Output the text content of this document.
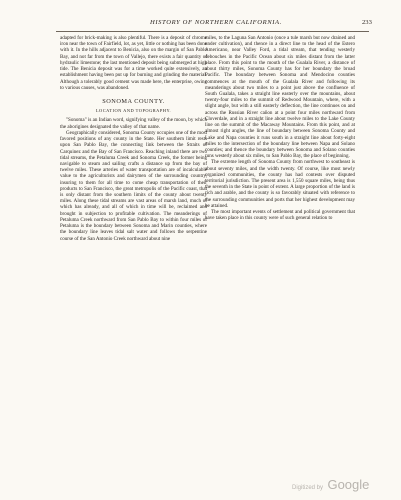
HISTORY OF NORTHERN CALIFORNIA.	233

adapted for brick-making is also plentiful. There is a deposit of chrome iron near the town of Fairfield, lot, as yet, little or nothing has been done with it. In the hills adjacent to Benicia, also on the margin of San Pablo Bay, and not far from the town of Vallejo, there exists a fair quantity of hydraulic limestone; the last mentioned deposit being submerged at high tide. The Benicia deposit was for a time worked quite extensively, an establishment having been put up for burning and grinding the material. Although a tolerably good cement was made here, the enterprise, owing to various causes, was abandoned.

SONOMA COUNTY.
LOCATION AND TOPOGRAPHY.

"Sonoma" is an Indian word, signifying valley of the moon, by which the aborigines designated the valley of that name.

Geographically considered, Sonoma County occupies one of the most favored positions of any county in the State. Her southern limit rests upon San Pablo Bay, the connecting link between the Straits of Carquinez and the Bay of San Francisco. Reaching inland there are two tidal streams, the Petaluma Creek and Sonoma Creek, the former being navigable to steam and sailing crafts a distance up from the bay of twelve miles. These arteries of water transportation are of incalculable value to the agriculturists and dairymen of the surrounding country, insuring to them for all time to come cheap transportation of their products to San Francisco, the great metropolis of the Pacific coast, that is only distant from the southern limits of the county about twenty miles. Along these tidal streams are vast areas of marsh land, much of which has already, and all of which in time will be, reclaimed and brought in subjection to profitable cultivation. The meanderings of Petaluma Creek northward from San Pablo Bay to within four miles of Petaluma is the boundary between Sonoma and Marin counties, where the boundary line leaves tidal salt water and follows the serpentine course of the San Antonio Creek northward about nine

miles, to the Laguna San Antonio (once a tule marsh but now drained and under cultivation), and thence in a direct line to the head of the Estero Americano, near Valley Ford, a tidal stream, that tending westerly debouches in the Pacific Ocean about six miles distant from the latter place. From this point to the mouth of the Gualala River, a distance of about thirty miles, Sonoma County has for her boundary the broad Pacific. The boundary between Sonoma and Mendocino counties commences at the mouth of the Gualala River and following its meanderings about two miles to a point just above the confluence of South Gualala, takes a straight line easterly over the mountains, about twenty-four miles to the summit of Redwood Mountain, where, with a slight angle, but with a still easterly deflection, the line continues on and across the Russian River cañon at a point four miles northward from Cloverdale, and in a straight line about twelve miles to the Lake County line on the summit of the Macaway Mountains. From this point, and at almost right angles, the line of boundary between Sonoma County and Lake and Napa counties it runs south in a straight line about forty-eight miles to the intersection of the boundary line between Napa and Solano counties; and thence the boundary between Sonoma and Solano counties runs westerly about six miles, to San Pablo Bay, the place of beginning.

The extreme length of Sonoma County from northwest to southeast is about seventy miles, and the width twenty. Of course, like most newly organized communities, the county has had contests over disputed territorial jurisdiction. The present area is 1,550 square miles, being thus the seventh in the State in point of extent. A large proportion of the land is rich and arable, and the county is so favorably situated with reference to the surrounding communities and ports that her highest development may be attained.

The most important events of settlement and political government that have taken place in this county were of such general relation to

Digitized by Google
